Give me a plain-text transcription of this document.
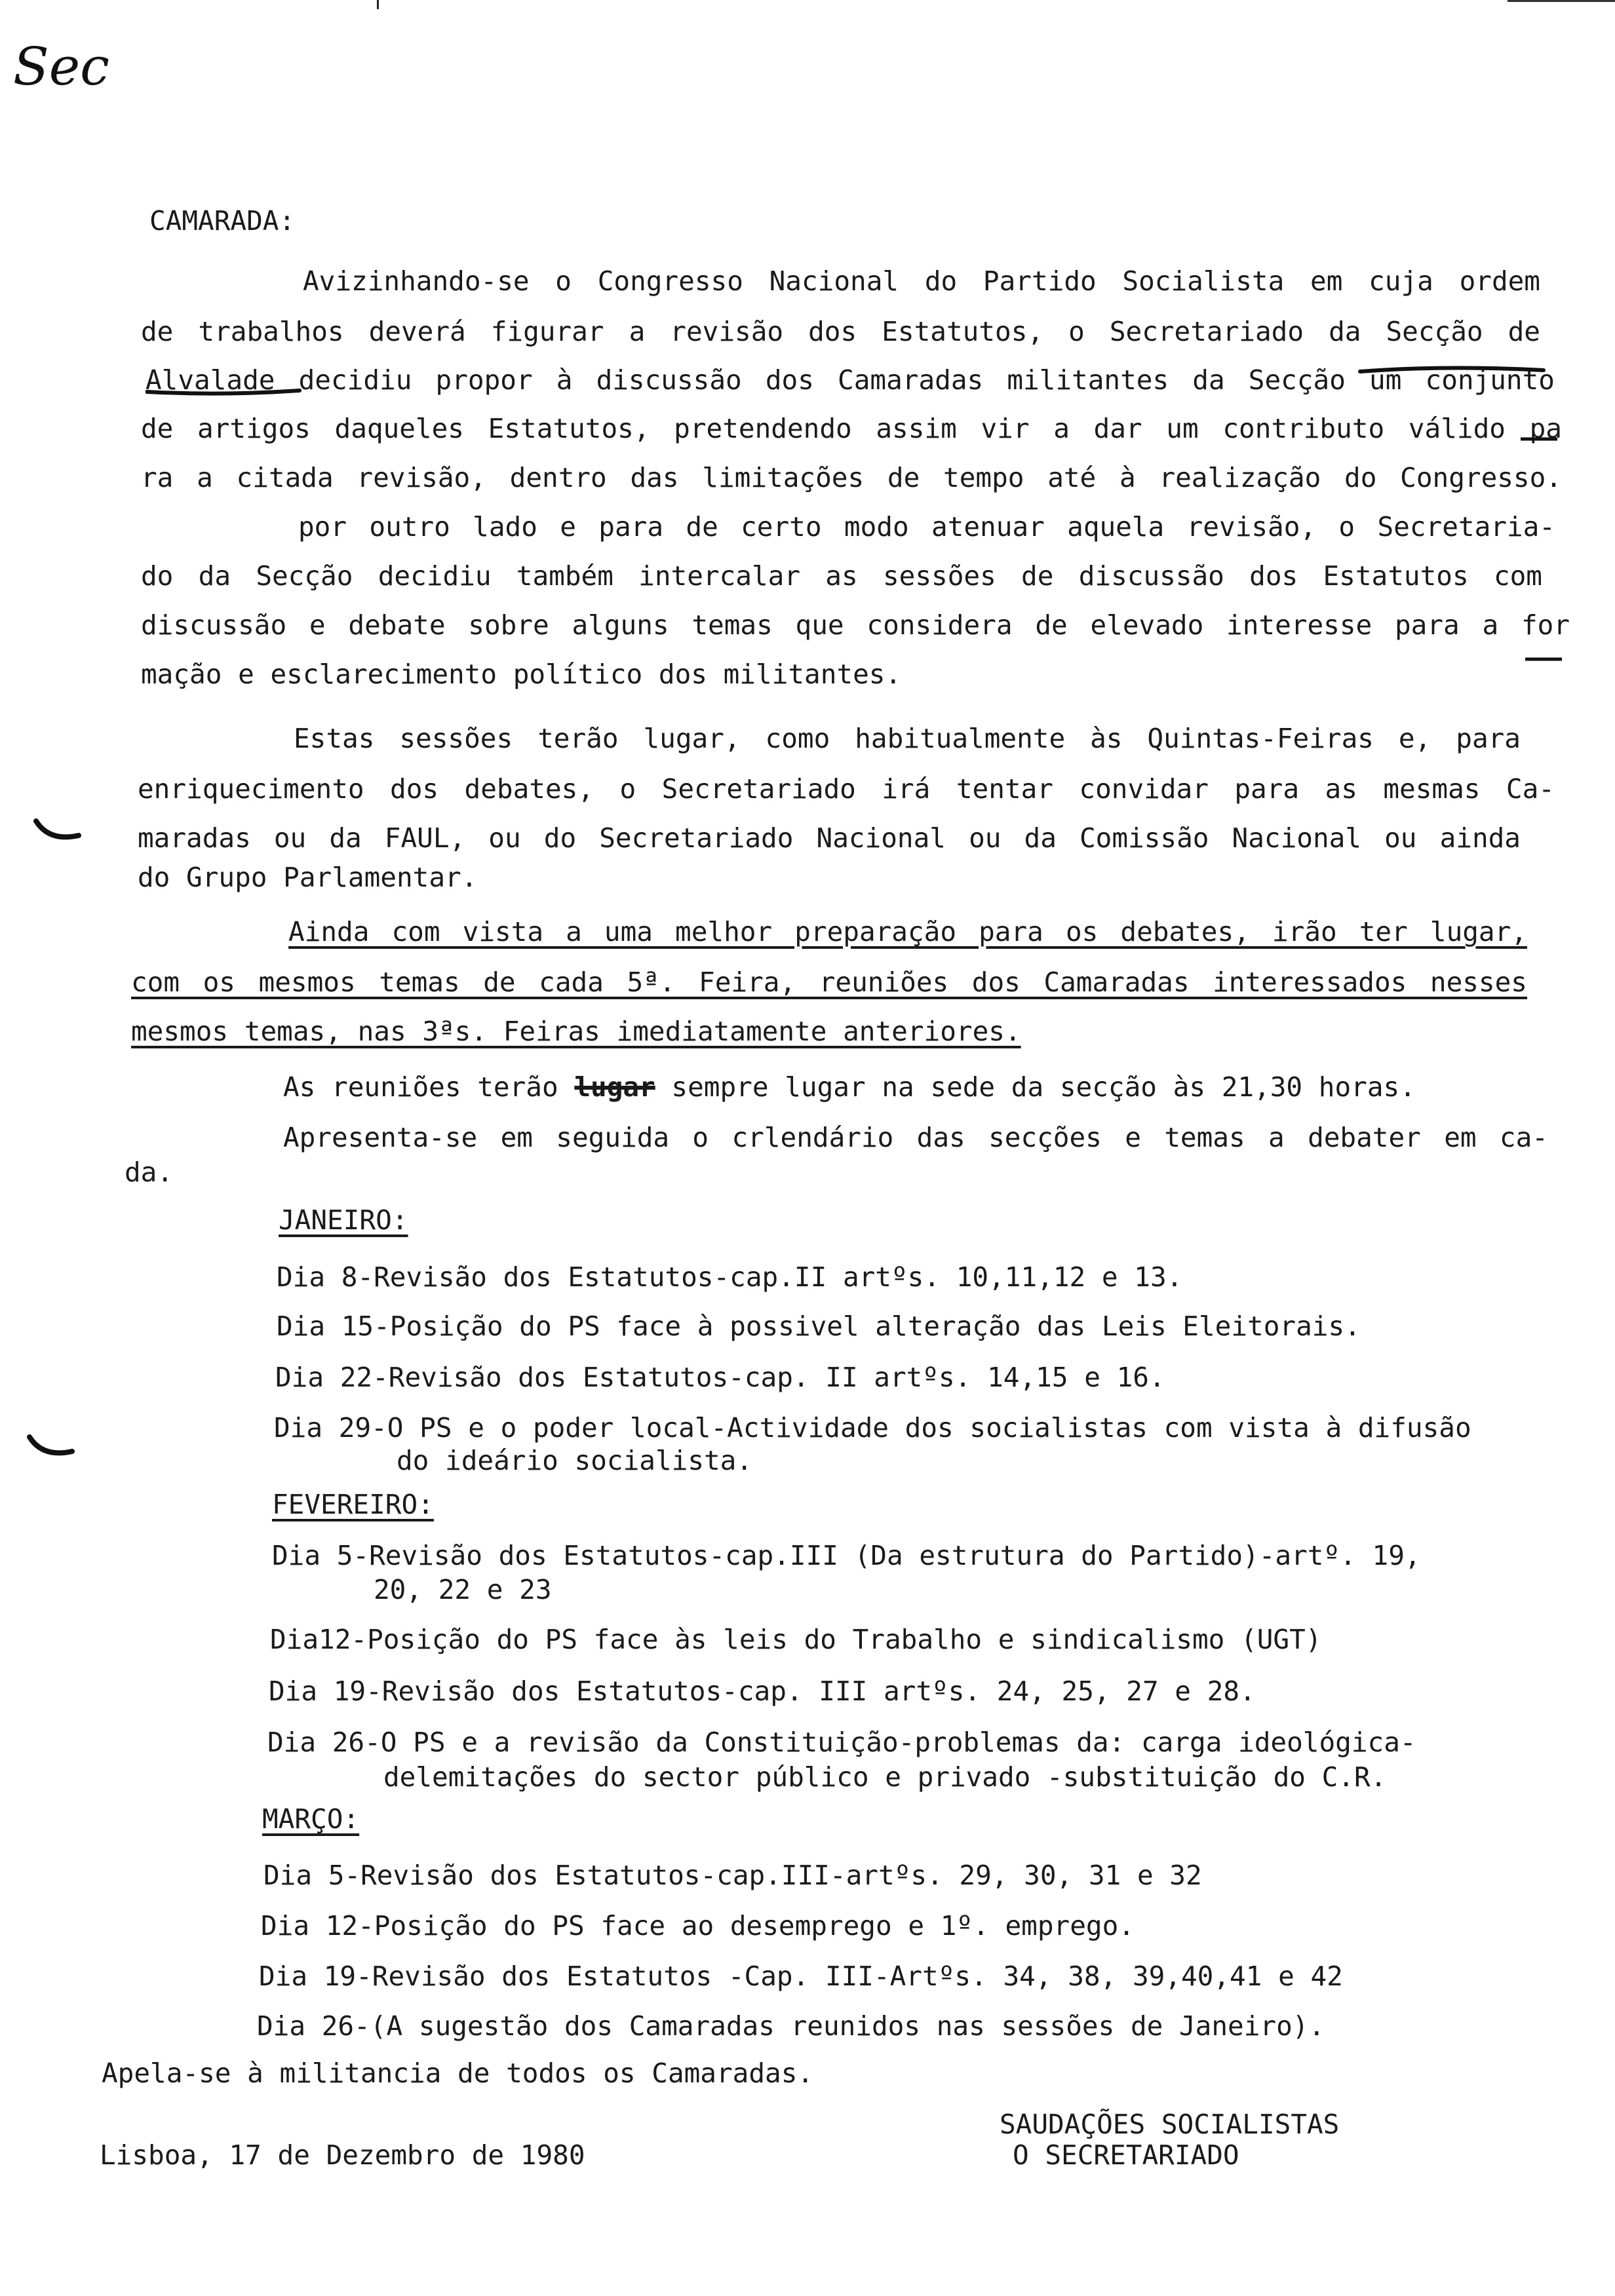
Sec
CAMARADA:
Avizinhando-se o Congresso Nacional do Partido Socialista em cuja ordem
de trabalhos deverá figurar a revisão dos Estatutos, o Secretariado da Secção de
Alvalade decidiu propor à discussão dos Camaradas militantes da Secção um conjunto
de artigos daqueles Estatutos, pretendendo assim vir a dar um contributo válido pa
ra a citada revisão, dentro das limitações de tempo até à realização do Congresso.
por outro lado e para de certo modo atenuar aquela revisão, o Secretaria-
do da Secção decidiu também intercalar as sessões de discussão dos Estatutos com
discussão e debate sobre alguns temas que considera de elevado interesse para a for
mação e esclarecimento político dos militantes.
Estas sessões terão lugar, como habitualmente às Quintas-Feiras e, para
enriquecimento dos debates, o Secretariado irá tentar convidar para as mesmas Ca-
maradas ou da FAUL, ou do Secretariado Nacional ou da Comissão Nacional ou ainda
do Grupo Parlamentar.
Ainda com vista a uma melhor preparação para os debates, irão ter lugar,
com os mesmos temas de cada 5ª. Feira, reuniões dos Camaradas interessados nesses
mesmos temas, nas 3ªs. Feiras imediatamente anteriores.
As reuniões terão lugar sempre lugar na sede da secção às 21,30 horas.
Apresenta-se em seguida o crlendário das secções e temas a debater em ca-
da.
JANEIRO:
Dia 8-Revisão dos Estatutos-cap.II artºs. 10,11,12 e 13.
Dia 15-Posição do PS face à possivel alteração das Leis Eleitorais.
Dia 22-Revisão dos Estatutos-cap. II artºs. 14,15 e 16.
Dia 29-O PS e o poder local-Actividade dos socialistas com vista à difusão
do ideário socialista.
FEVEREIRO:
Dia 5-Revisão dos Estatutos-cap.III (Da estrutura do Partido)-artº. 19,
20, 22 e 23
Dia12-Posição do PS face às leis do Trabalho e sindicalismo (UGT)
Dia 19-Revisão dos Estatutos-cap. III artºs. 24, 25, 27 e 28.
Dia 26-O PS e a revisão da Constituição-problemas da: carga ideológica-
delemitações do sector público e privado -substituição do C.R.
MARÇO:
Dia 5-Revisão dos Estatutos-cap.III-artºs. 29, 30, 31 e 32
Dia 12-Posição do PS face ao desemprego e 1º. emprego.
Dia 19-Revisão dos Estatutos -Cap. III-Artºs. 34, 38, 39,40,41 e 42
Dia 26-(A sugestão dos Camaradas reunidos nas sessões de Janeiro).
Apela-se à militancia de todos os Camaradas.
SAUDAÇÕES SOCIALISTAS
O SECRETARIADO
Lisboa, 17 de Dezembro de 1980
